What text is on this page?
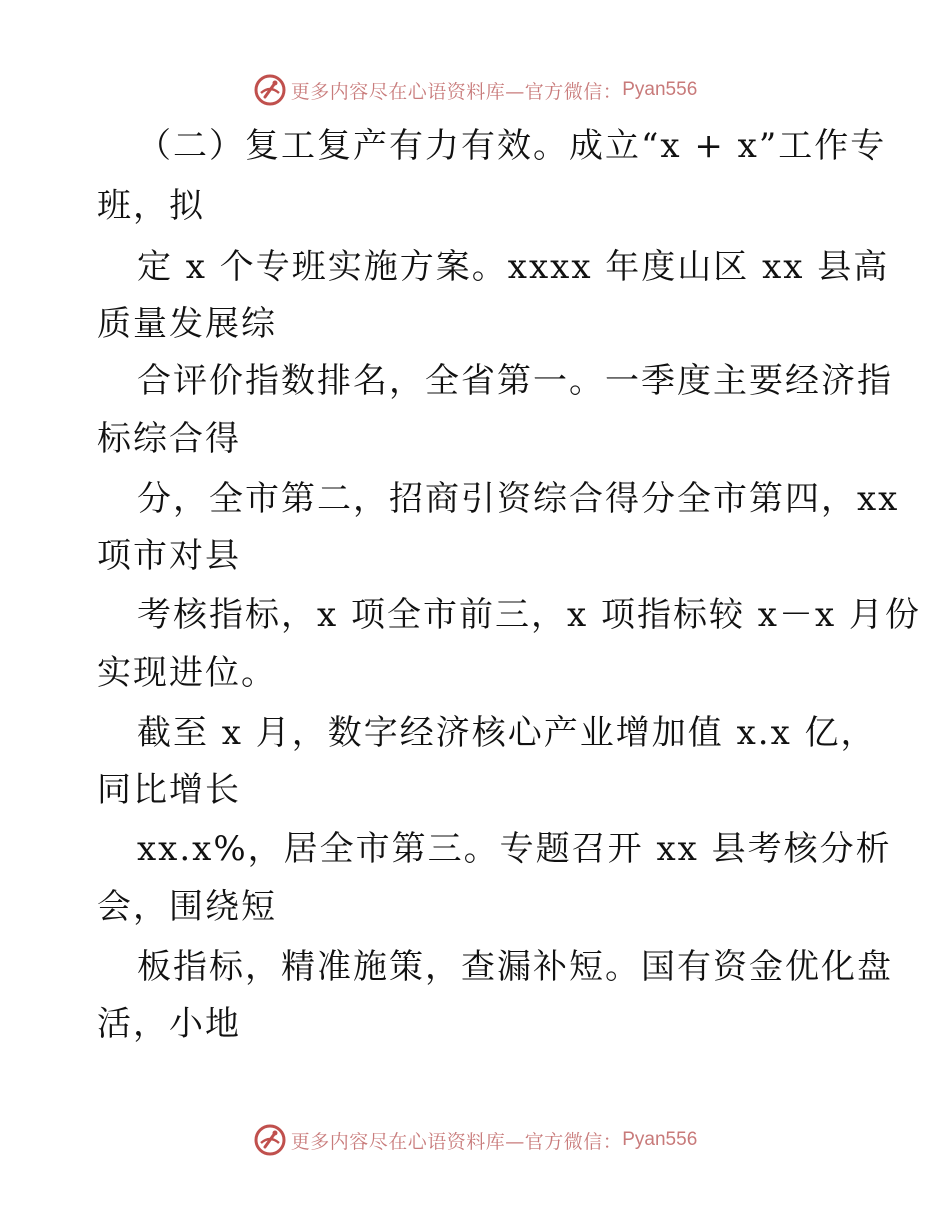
更多内容尽在心语资料库—官方微信： Pyan556
（二）复工复产有力有效。成立“x + x”工作专
班，拟
定 x 个专班实施方案。xxxx 年度山区 xx 县高
质量发展综
合评价指数排名，全省第一。一季度主要经济指
标综合得
分，全市第二，招商引资综合得分全市第四，xx
项市对县
考核指标，x 项全市前三，x 项指标较 x－x 月份
实现进位。
截至 x 月，数字经济核心产业增加值 x.x 亿，
同比增长
xx.x%，居全市第三。专题召开 xx 县考核分析
会，围绕短
板指标，精准施策，查漏补短。国有资金优化盘
活，小地
更多内容尽在心语资料库—官方微信： Pyan556
